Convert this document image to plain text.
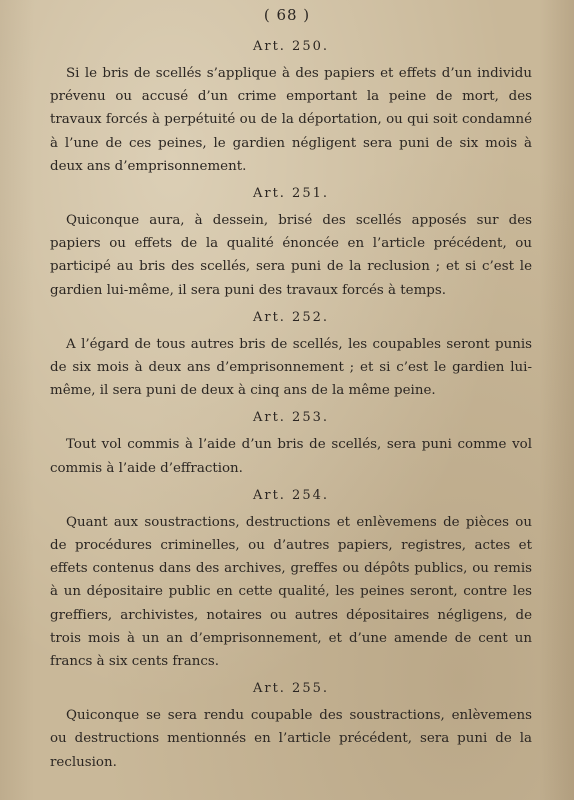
( 68 )
Art. 250.

Si le bris de scellés s’applique à des papiers et effets d’un individu prévenu ou accusé d’un crime emportant la peine de mort, des travaux forcés à perpétuité ou de la déportation, ou qui soit condamné à l’une de ces peines, le gardien négligent sera puni de six mois à deux ans d’emprisonnement.

Art. 251.

Quiconque aura, à dessein, brisé des scellés apposés sur des papiers ou effets de la qualité énoncée en l’article précédent, ou participé au bris des scellés, sera puni de la reclusion ; et si c’est le gardien lui-même, il sera puni des travaux forcés à temps.

Art. 252.

A l’égard de tous autres bris de scellés, les coupables seront punis de six mois à deux ans d’emprisonnement ; et si c’est le gardien lui-même, il sera puni de deux à cinq ans de la même peine.

Art. 253.

Tout vol commis à l’aide d’un bris de scellés, sera puni comme vol commis à l’aide d’effraction.

Art. 254.

Quant aux soustractions, destructions et enlèvemens de pièces ou de procédures criminelles, ou d’autres papiers, registres, actes et effets contenus dans des archives, greffes ou dépôts publics, ou remis à un dépositaire public en cette qualité, les peines seront, contre les greffiers, archivistes, notaires ou autres dépositaires négligens, de trois mois à un an d’emprisonnement, et d’une amende de cent un francs à six cents francs.

Art. 255.

Quiconque se sera rendu coupable des soustractions, enlèvemens ou destructions mentionnés en l’article précédent, sera puni de la reclusion.
